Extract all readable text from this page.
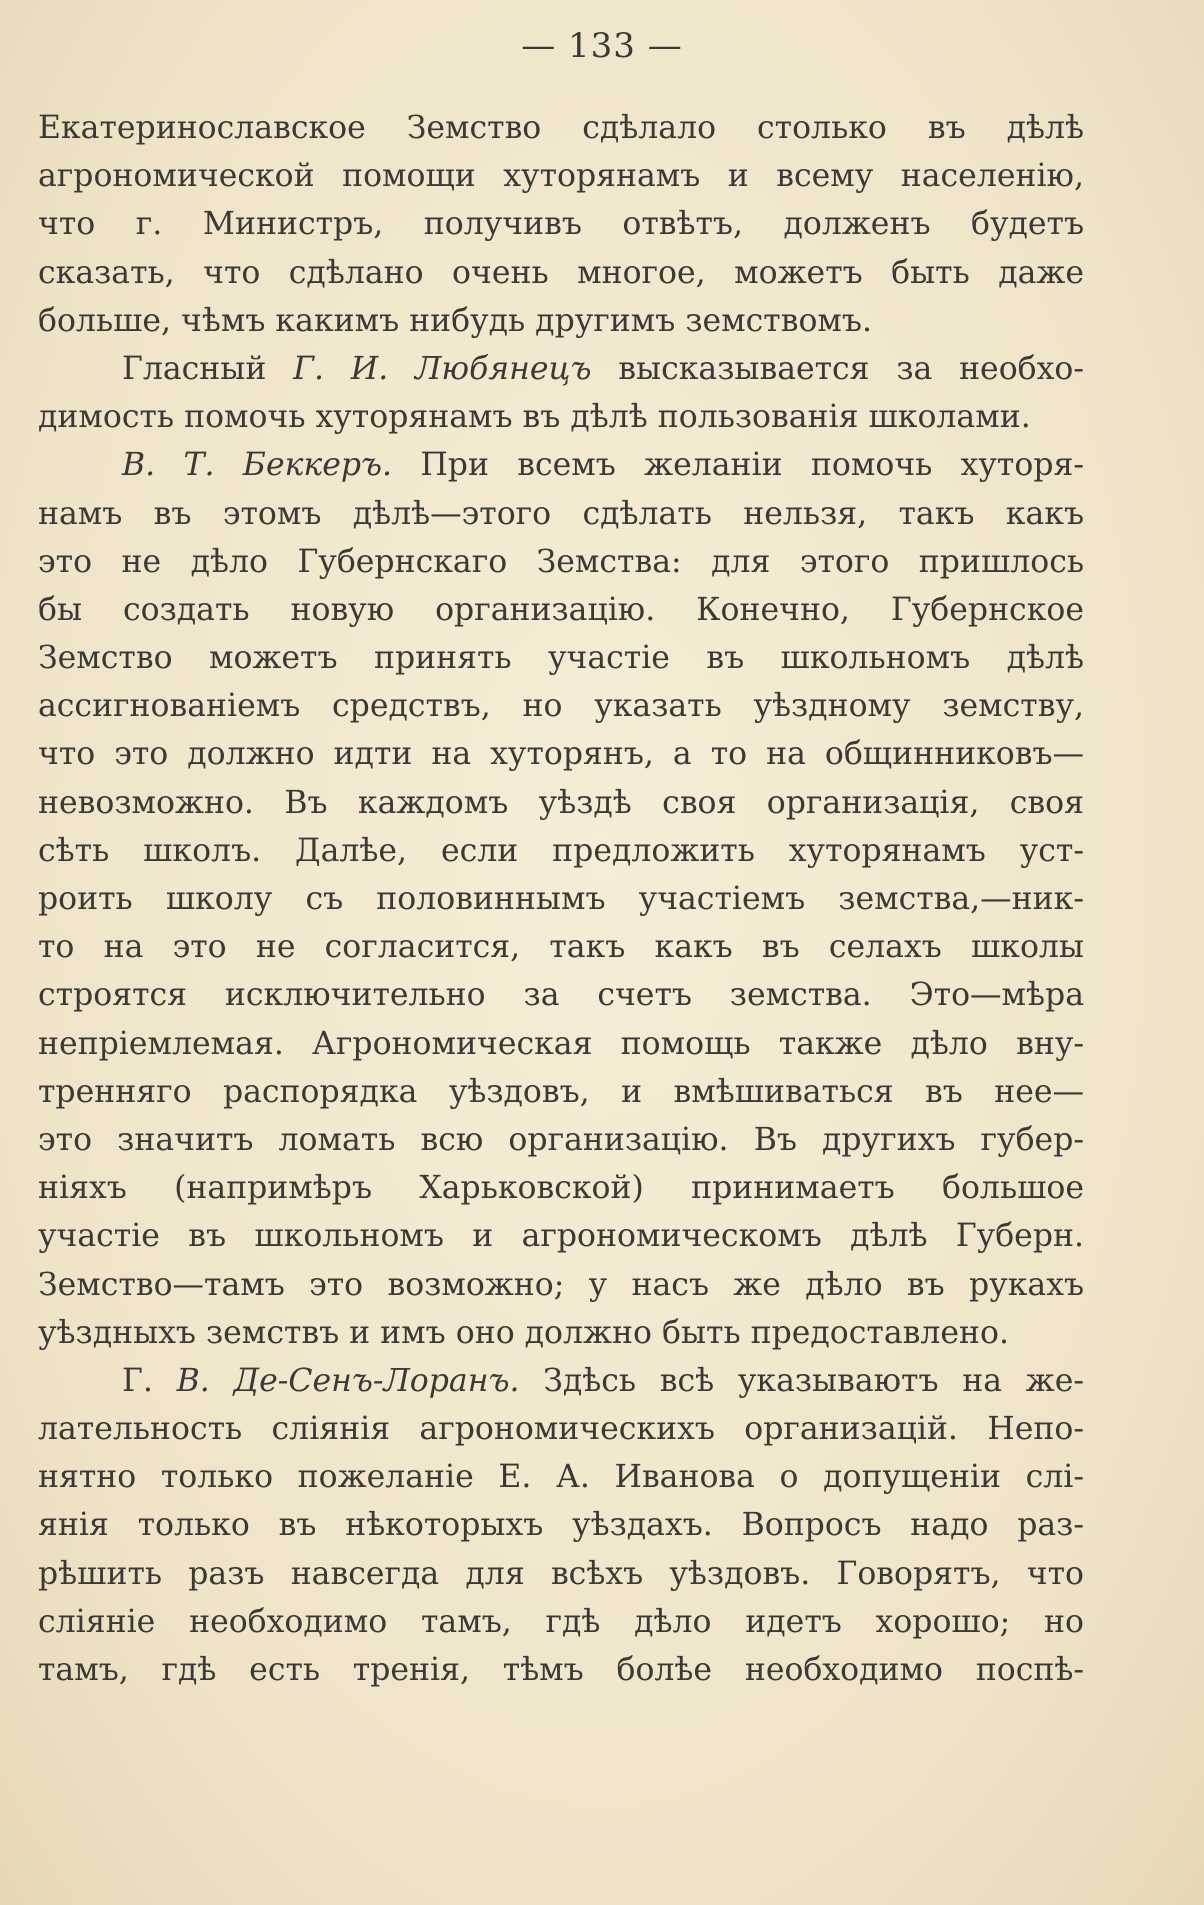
— 133 —
Екатеринославское Земство сдѣлало столько въ дѣлѣ
агрономической помощи хуторянамъ и всему населенію,
что г. Министръ, получивъ отвѣтъ, долженъ будетъ
сказать, что сдѣлано очень многое, можетъ быть даже
больше, чѣмъ какимъ нибудь другимъ земствомъ.
Гласный Г. И. Любянецъ высказывается за необхо-
димость помочь хуторянамъ въ дѣлѣ пользованія школами.
В. Т. Беккеръ. При всемъ желаніи помочь хуторя-
намъ въ этомъ дѣлѣ—этого сдѣлать нельзя, такъ какъ
это не дѣло Губернскаго Земства: для этого пришлось
бы создать новую организацію. Конечно, Губернское
Земство можетъ принять участіе въ школьномъ дѣлѣ
ассигнованіемъ средствъ, но указать уѣздному земству,
что это должно идти на хуторянъ, а то на общинниковъ—
невозможно. Въ каждомъ уѣздѣ своя организація, своя
сѣть школъ. Далѣе, если предложить хуторянамъ уст-
роить школу съ половиннымъ участіемъ земства,—ник-
то на это не согласится, такъ какъ въ селахъ школы
строятся исключительно за счетъ земства. Это—мѣра
непріемлемая. Агрономическая помощь также дѣло вну-
тренняго распорядка уѣздовъ, и вмѣшиваться въ нее—
это значитъ ломать всю организацію. Въ другихъ губер-
ніяхъ (напримѣръ Харьковской) принимаетъ большое
участіе въ школьномъ и агрономическомъ дѣлѣ Губерн.
Земство—тамъ это возможно; у насъ же дѣло въ рукахъ
уѣздныхъ земствъ и имъ оно должно быть предоставлено.
Г. В. Де-Сенъ-Лоранъ. Здѣсь всѣ указываютъ на же-
лательность слiянiя агрономическихъ организацій. Непо-
нятно только пожеланіе Е. А. Иванова о допущеніи слі-
янія только въ нѣкоторыхъ уѣздахъ. Вопросъ надо раз-
рѣшить разъ навсегда для всѣхъ уѣздовъ. Говорятъ, что
сліяніе необходимо тамъ, гдѣ дѣло идетъ хорошо; но
тамъ, гдѣ есть тренія, тѣмъ болѣе необходимо поспѣ-
